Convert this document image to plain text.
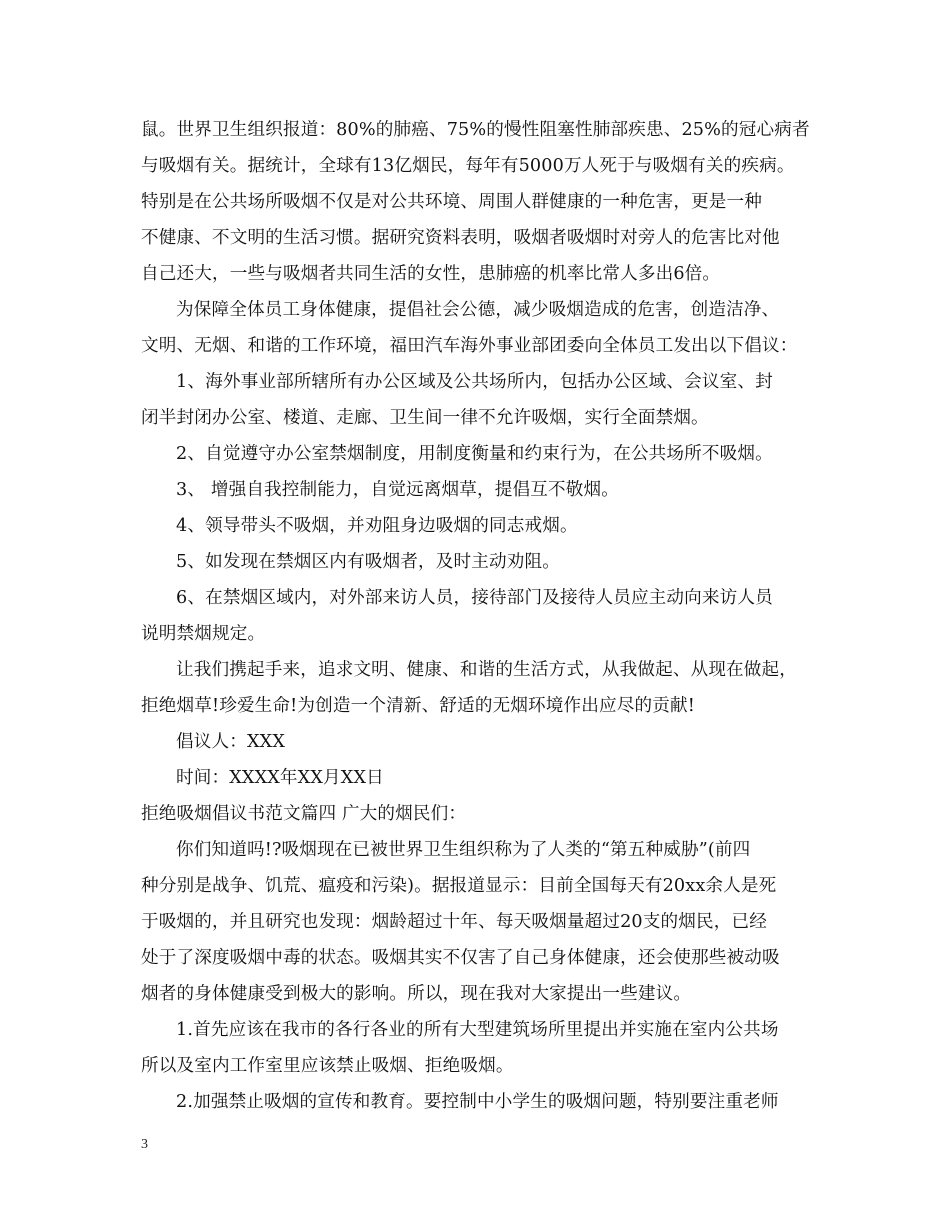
鼠。世界卫生组织报道：80%的肺癌、75%的慢性阻塞性肺部疾患、25%的冠心病者
与吸烟有关。据统计，全球有13亿烟民，每年有5000万人死于与吸烟有关的疾病。
特别是在公共场所吸烟不仅是对公共环境、周围人群健康的一种危害，更是一种
不健康、不文明的生活习惯。据研究资料表明，吸烟者吸烟时对旁人的危害比对他
自己还大，一些与吸烟者共同生活的女性，患肺癌的机率比常人多出6倍。
为保障全体员工身体健康，提倡社会公德，减少吸烟造成的危害，创造洁净、
文明、无烟、和谐的工作环境，福田汽车海外事业部团委向全体员工发出以下倡议：
1、海外事业部所辖所有办公区域及公共场所内，包括办公区域、会议室、封
闭半封闭办公室、楼道、走廊、卫生间一律不允许吸烟，实行全面禁烟。
2、自觉遵守办公室禁烟制度，用制度衡量和约束行为，在公共场所不吸烟。
3、 增强自我控制能力，自觉远离烟草，提倡互不敬烟。
4、领导带头不吸烟，并劝阻身边吸烟的同志戒烟。
5、如发现在禁烟区内有吸烟者，及时主动劝阻。
6、在禁烟区域内，对外部来访人员，接待部门及接待人员应主动向来访人员
说明禁烟规定。
让我们携起手来，追求文明、健康、和谐的生活方式，从我做起、从现在做起，
拒绝烟草!珍爱生命!为创造一个清新、舒适的无烟环境作出应尽的贡献!
倡议人：XXX
时间：XXXX年XX月XX日
拒绝吸烟倡议书范文篇四 广大的烟民们：
你们知道吗!?吸烟现在已被世界卫生组织称为了人类的“第五种威胁”(前四
种分别是战争、饥荒、瘟疫和污染)。据报道显示：目前全国每天有20xx余人是死
于吸烟的，并且研究也发现：烟龄超过十年、每天吸烟量超过20支的烟民，已经
处于了深度吸烟中毒的状态。吸烟其实不仅害了自己身体健康，还会使那些被动吸
烟者的身体健康受到极大的影响。所以，现在我对大家提出一些建议。
1.首先应该在我市的各行各业的所有大型建筑场所里提出并实施在室内公共场
所以及室内工作室里应该禁止吸烟、拒绝吸烟。
2.加强禁止吸烟的宣传和教育。要控制中小学生的吸烟问题，特别要注重老师
3
